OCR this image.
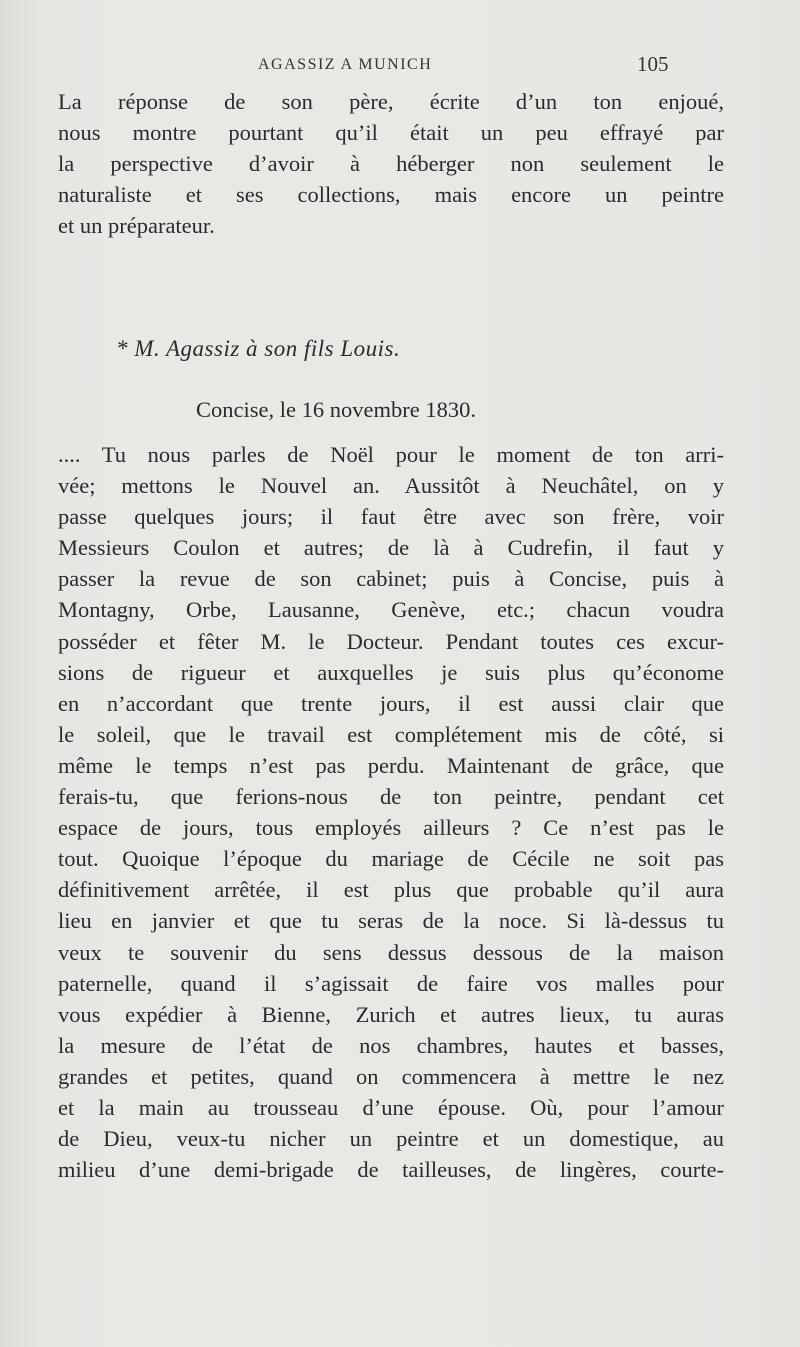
AGASSIZ A MUNICH	105

La réponse de son père, écrite d’un ton enjoué,

nous montre pourtant qu’il était un peu effrayé par

la perspective d’avoir à héberger non seulement le

naturaliste et ses collections, mais encore un peintre

et un préparateur.

* M. Agassiz à son fils Louis.
Concise, le 16 novembre 1830.

.... Tu nous parles de Noël pour le moment de ton arri-

vée; mettons le Nouvel an. Aussitôt à Neuchâtel, on y

passe quelques jours; il faut être avec son frère, voir

Messieurs Coulon et autres; de là à Cudrefin, il faut y

passer la revue de son cabinet; puis à Concise, puis à

Montagny, Orbe, Lausanne, Genève, etc.; chacun voudra

posséder et fêter M. le Docteur. Pendant toutes ces excur-

sions de rigueur et auxquelles je suis plus qu’économe

en n’accordant que trente jours, il est aussi clair que

le soleil, que le travail est complétement mis de côté, si

même le temps n’est pas perdu. Maintenant de grâce, que

ferais-tu, que ferions-nous de ton peintre, pendant cet

espace de jours, tous employés ailleurs ? Ce n’est pas le

tout. Quoique l’époque du mariage de Cécile ne soit pas

définitivement arrêtée, il est plus que probable qu’il aura

lieu en janvier et que tu seras de la noce. Si là-dessus tu

veux te souvenir du sens dessus dessous de la maison

paternelle, quand il s’agissait de faire vos malles pour

vous expédier à Bienne, Zurich et autres lieux, tu auras

la mesure de l’état de nos chambres, hautes et basses,

grandes et petites, quand on commencera à mettre le nez

et la main au trousseau d’une épouse. Où, pour l’amour

de Dieu, veux-tu nicher un peintre et un domestique, au

milieu d’une demi-brigade de tailleuses, de lingères, courte-
